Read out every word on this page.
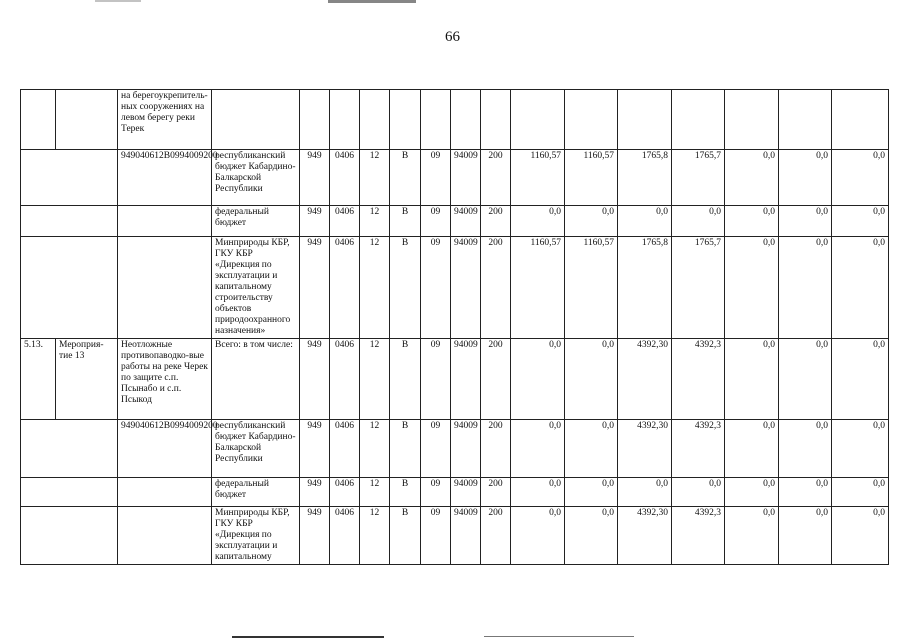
66
		на берегоукрепитель-ных сооружениях на левом берегу реки Терек															
		949040612В0994009200	республиканский бюджет Кабардино-Балкарской Республики	949	0406	12	В	09	94009	200	1160,57	1160,57	1765,8	1765,7	0,0	0,0	0,0
			федеральный бюджет	949	0406	12	В	09	94009	200	0,0	0,0	0,0	0,0	0,0	0,0	0,0
			Минприроды КБР, ГКУ КБР «Дирекция по эксплуатации и капитальному строительству объектов природоохранного назначения»	949	0406	12	В	09	94009	200	1160,57	1160,57	1765,8	1765,7	0,0	0,0	0,0
5.13.	Мероприя-тие 13	Неотложные противопаводко-вые работы на реке Черек по защите с.п. Псынабо и с.п. Псыкод	Всего: в том числе:	949	0406	12	В	09	94009	200	0,0	0,0	4392,30	4392,3	0,0	0,0	0,0
		949040612В0994009200	республиканский бюджет Кабардино-Балкарской Республики	949	0406	12	В	09	94009	200	0,0	0,0	4392,30	4392,3	0,0	0,0	0,0
			федеральный бюджет	949	0406	12	В	09	94009	200	0,0	0,0	0,0	0,0	0,0	0,0	0,0
			Минприроды КБР, ГКУ КБР «Дирекция по эксплуатации и капитальному	949	0406	12	В	09	94009	200	0,0	0,0	4392,30	4392,3	0,0	0,0	0,0
